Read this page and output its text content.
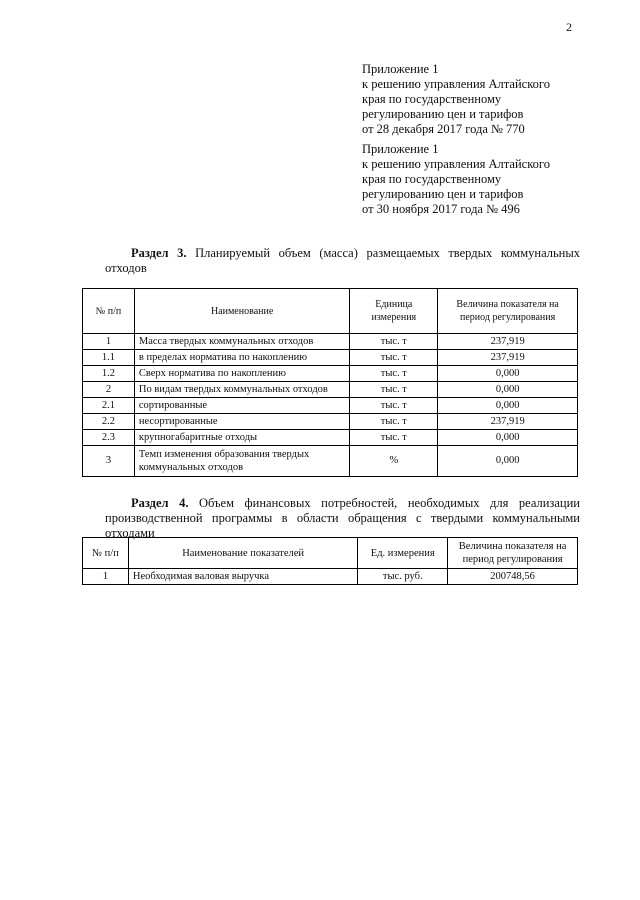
2
Приложение 1
к решению управления Алтайского
края по государственному
регулированию цен и тарифов
от 28 декабря 2017 года № 770
Приложение 1
к решению управления Алтайского
края по государственному
регулированию цен и тарифов
от 30 ноября 2017 года № 496
Раздел 3. Планируемый объем (масса) размещаемых твердых коммунальных отходов
№ п/п	Наименование	Единица измерения	Величина показателя на период регулирования
1	Масса твердых коммунальных отходов	тыс. т	237,919
1.1	в пределах норматива по накоплению	тыс. т	237,919
1.2	Сверх норматива по накоплению	тыс. т	0,000
2	По видам твердых коммунальных отходов	тыс. т	0,000
2.1	сортированные	тыс. т	0,000
2.2	несортированные	тыс. т	237,919
2.3	крупногабаритные отходы	тыс. т	0,000
3	Темп изменения образования твердых коммунальных отходов	%	0,000
Раздел 4. Объем финансовых потребностей, необходимых для реализации производственной программы в области обращения с твердыми коммунальными отходами
№ п/п	Наименование показателей	Ед. измерения	Величина показателя на период регулирования
1	Необходимая валовая выручка	тыс. руб.	200748,56
